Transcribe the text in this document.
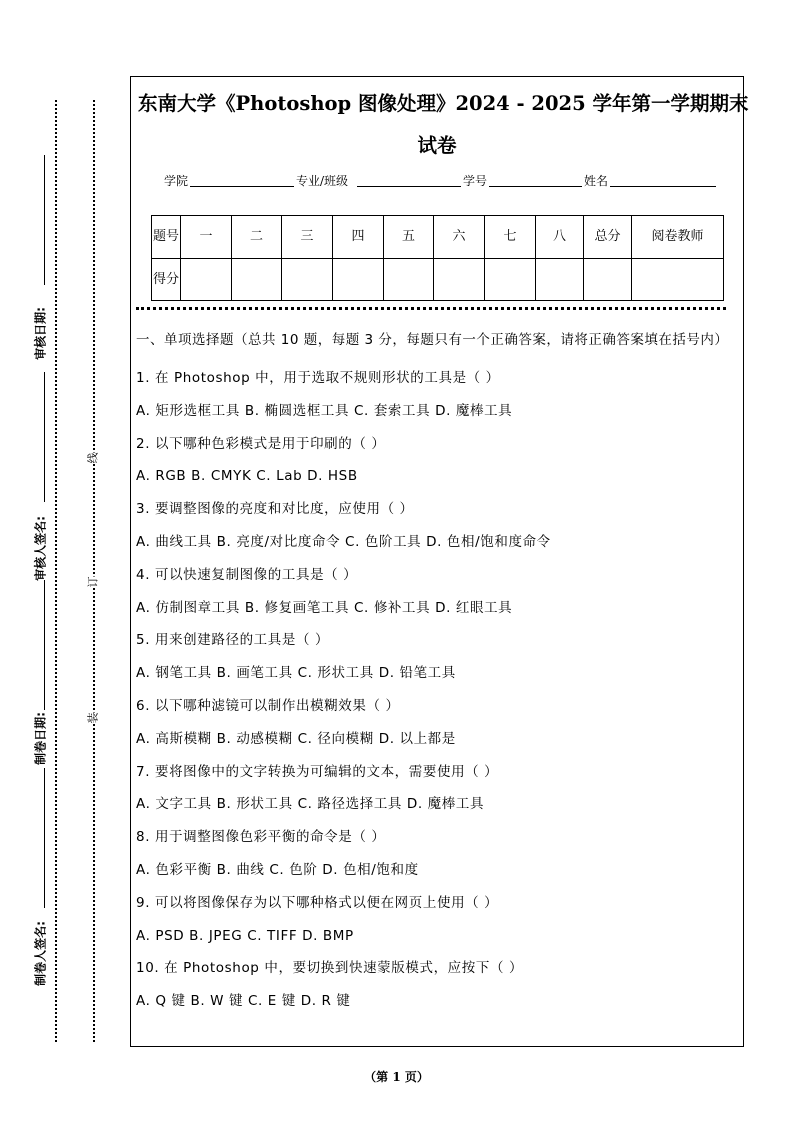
审核日期:
审核人签名:
制卷日期:
制卷人签名:
线
订
装
东南大学《Photoshop 图像处理》2024 - 2025 学年第一学期期末
试卷
学院	专业/班级	学号	姓名
题号	一	二	三	四	五	六	七	八	总分	阅卷教师
得分										
一、单项选择题（总共 10 题，每题 3 分，每题只有一个正确答案，请将正确答案填在括号内）
1. 在 Photoshop 中，用于选取不规则形状的工具是（ ）
A. 矩形选框工具 B. 椭圆选框工具 C. 套索工具 D. 魔棒工具
2. 以下哪种色彩模式是用于印刷的（ ）
A. RGB B. CMYK C. Lab D. HSB
3. 要调整图像的亮度和对比度，应使用（ ）
A. 曲线工具 B. 亮度/对比度命令 C. 色阶工具 D. 色相/饱和度命令
4. 可以快速复制图像的工具是（ ）
A. 仿制图章工具 B. 修复画笔工具 C. 修补工具 D. 红眼工具
5. 用来创建路径的工具是（ ）
A. 钢笔工具 B. 画笔工具 C. 形状工具 D. 铅笔工具
6. 以下哪种滤镜可以制作出模糊效果（ ）
A. 高斯模糊 B. 动感模糊 C. 径向模糊 D. 以上都是
7. 要将图像中的文字转换为可编辑的文本，需要使用（ ）
A. 文字工具 B. 形状工具 C. 路径选择工具 D. 魔棒工具
8. 用于调整图像色彩平衡的命令是（ ）
A. 色彩平衡 B. 曲线 C. 色阶 D. 色相/饱和度
9. 可以将图像保存为以下哪种格式以便在网页上使用（ ）
A. PSD B. JPEG C. TIFF D. BMP
10. 在 Photoshop 中，要切换到快速蒙版模式，应按下（ ）
A. Q 键 B. W 键 C. E 键 D. R 键
（第 1 页）
